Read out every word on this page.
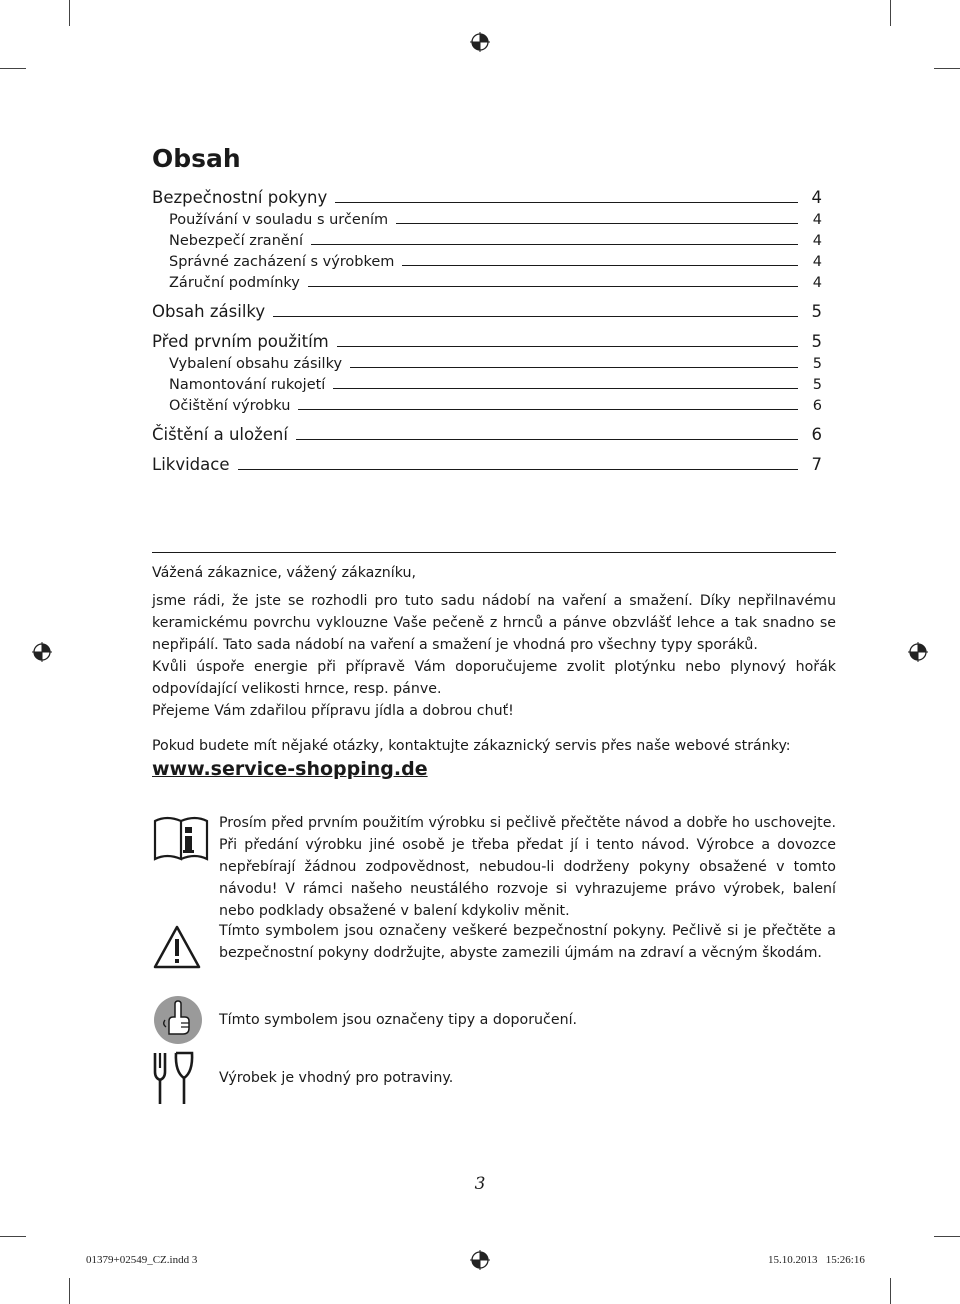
Obsah
Bezpečnostní pokyny	4
Používání v souladu s určením	4
Nebezpečí zranění	4
Správné zacházení s výrobkem	4
Záruční podmínky	4
Obsah zásilky	5
Před prvním použitím	5
Vybalení obsahu zásilky	5
Namontování rukojetí	5
Očištění výrobku	6
Čištění a uložení	6
Likvidace	7

Vážená zákaznice, vážený zákazníku,

jsme rádi, že jste se rozhodli pro tuto sadu nádobí na vaření a smažení. Díky nepřilnavému keramickému povrchu vyklouzne Vaše pečeně z hrnců a pánve obzvlášť lehce a tak snadno se nepřipálí. Tato sada nádobí na vaření a smažení je vhodná pro všechny typy sporáků.

Kvůli úspoře energie při přípravě Vám doporučujeme zvolit plotýnku nebo plynový hořák odpovídající velikosti hrnce, resp. pánve.

Přejeme Vám zdařilou přípravu jídla a dobrou chuť!

Pokud budete mít nějaké otázky, kontaktujte zákaznický servis přes naše webové stránky:
www.service-shopping.de

Prosím před prvním použitím výrobku si pečlivě přečtěte návod a dobře ho uschovejte. Při předání výrobku jiné osobě je třeba předat jí i tento návod. Výrobce a dovozce nepřebírají žádnou zodpovědnost, nebudou-li dodrženy pokyny obsažené v tomto návodu! V rámci našeho neustálého rozvoje si vyhrazujeme právo výrobek, balení nebo podklady obsažené v balení kdykoliv měnit.

Tímto symbolem jsou označeny veškeré bezpečnostní pokyny. Pečlivě si je přečtěte a bezpečnostní pokyny dodržujte, abyste zamezili újmám na zdraví a věcným škodám.

Tímto symbolem jsou označeny tipy a doporučení.

Výrobek je vhodný pro potraviny.

3
01379+02549_CZ.indd 3	15.10.2013   15:26:16
